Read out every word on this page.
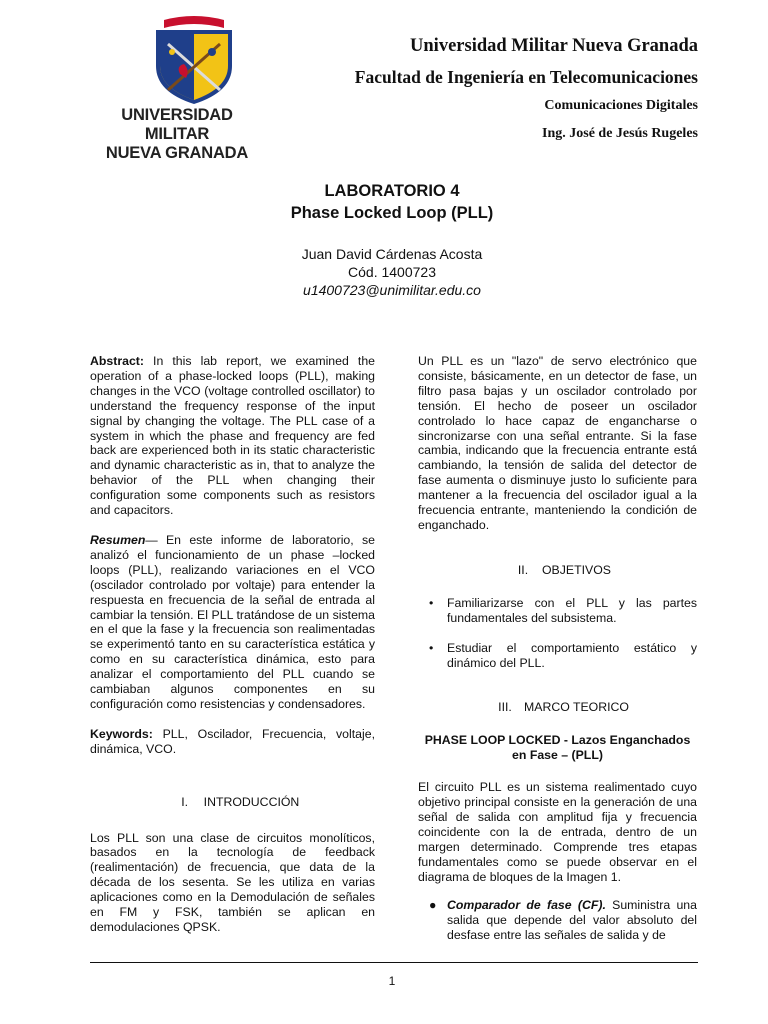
UNIVERSIDAD MILITAR
NUEVA GRANADA
Universidad Militar Nueva Granada
Facultad de Ingeniería en Telecomunicaciones
Comunicaciones Digitales
Ing. José de Jesús Rugeles
LABORATORIO 4
Phase Locked Loop (PLL)
Juan David Cárdenas Acosta
Cód. 1400723
u1400723@unimilitar.edu.co

Abstract: In this lab report, we examined the operation of a phase-locked loops (PLL), making changes in the VCO (voltage controlled oscillator) to understand the frequency response of the input signal by changing the voltage. The PLL case of a system in which the phase and frequency are fed back are experienced both in its static characteristic and dynamic characteristic as in, that to analyze the behavior of the PLL when changing their configuration some components such as resistors and capacitors.

Resumen— En este informe de laboratorio, se analizó el funcionamiento de un phase –locked loops (PLL), realizando variaciones en el VCO (oscilador controlado por voltaje) para entender la respuesta en frecuencia de la señal de entrada al cambiar la tensión. El PLL tratándose de un sistema en el que la fase y la frecuencia son realimentadas se experimentó tanto en su característica estática y como en su característica dinámica, esto para analizar el comportamiento del PLL cuando se cambiaban algunos componentes en su configuración como resistencias y condensadores.

Keywords: PLL, Oscilador, Frecuencia, voltaje, dinámica, VCO.

I. INTRODUCCIÓN

Los PLL son una clase de circuitos monolíticos, basados en la tecnología de feedback (realimentación) de frecuencia, que data de la década de los sesenta. Se les utiliza en varias aplicaciones como en la Demodulación de señales en FM y FSK, también se aplican en demodulaciones QPSK.

Un PLL es un "lazo" de servo electrónico que consiste, básicamente, en un detector de fase, un filtro pasa bajas y un oscilador controlado por tensión. El hecho de poseer un oscilador controlado lo hace capaz de engancharse o sincronizarse con una señal entrante. Si la fase cambia, indicando que la frecuencia entrante está cambiando, la tensión de salida del detector de fase aumenta o disminuye justo lo suficiente para mantener a la frecuencia del oscilador igual a la frecuencia entrante, manteniendo la condición de enganchado.

II. OBJETIVOS
• Familiarizarse con el PLL y las partes fundamentales del subsistema.
• Estudiar el comportamiento estático y dinámico del PLL.
III. MARCO TEORICO
PHASE LOOP LOCKED - Lazos Enganchados
en Fase – (PLL)

El circuito PLL es un sistema realimentado cuyo objetivo principal consiste en la generación de una señal de salida con amplitud fija y frecuencia coincidente con la de entrada, dentro de un margen determinado. Comprende tres etapas fundamentales como se puede observar en el diagrama de bloques de la Imagen 1.

● Comparador de fase (CF). Suministra una salida que depende del valor absoluto del desfase entre las señales de salida y de
1
